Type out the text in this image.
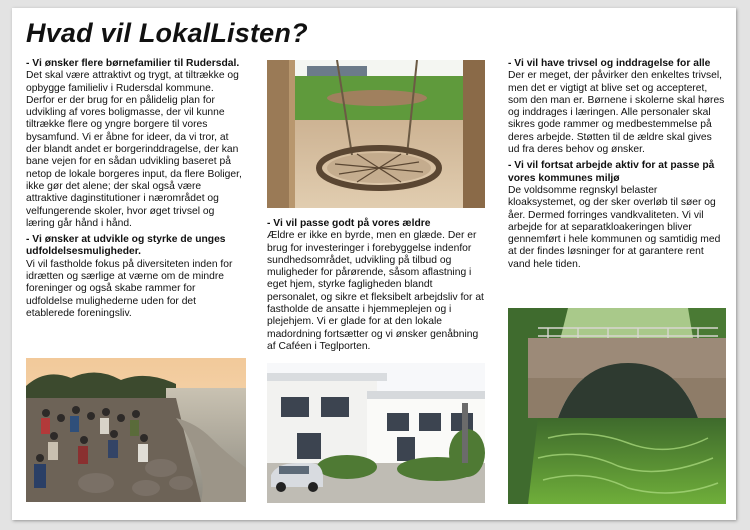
Hvad vil LokalListen?

- Vi ønsker flere børnefamilier til Rudersdal.

Det skal være attraktivt og trygt, at tiltrække og opbygge familieliv i Rudersdal kommune. Derfor er der brug for en pålidelig plan for udvikling af vores boligmasse, der vil kunne tiltrække flere og yngre borgere til vores bysamfund. Vi er åbne for ideer, da vi tror, at der blandt andet er borgerinddragelse, der kan bane vejen for en sådan udvikling baseret på netop de lokale borgeres input, da flere Boliger, ikke gør det alene; der skal også være attraktive daginstitutioner i nærområdet og velfungerende skoler, hvor øget trivsel og læring går hånd i hånd.

- Vi ønsker at udvikle og styrke de unges udfoldelsesmuligheder.

Vi vil fastholde fokus på diversiteten inden for idrætten og særlige at værne om de mindre foreninger og også skabe rammer for udfoldelse mulighederne uden for det etablerede foreningsliv.

- Vi vil passe godt på vores ældre

Ældre er ikke en byrde, men en glæde. Der er brug for investeringer i forebyggelse indenfor sundhedsområdet, udvikling på tilbud og muligheder for pårørende, såsom aflastning i eget hjem, styrke fagligheden blandt personalet, og sikre et fleksibelt arbejdsliv for at fastholde de ansatte i hjemmeplejen og i plejehjem. Vi er glade for at den lokale madordning fortsætter og vi ønsker genåbning af Caféen i Teglporten.

- Vi vil have trivsel og inddragelse for alle

Der er meget, der påvirker den enkeltes trivsel, men det er vigtigt at blive set og accepteret, som den man er. Børnene i skolerne skal høres og inddrages i læringen. Alle personaler skal sikres gode rammer og medbestemmelse på deres arbejde. Støtten til de ældre skal gives ud fra deres behov og ønsker.

- Vi vil fortsat arbejde aktiv for at passe på vores kommunes miljø

De voldsomme regnskyl belaster kloaksystemet, og der sker overløb til søer og åer. Dermed forringes vandkvaliteten. Vi vil arbejde for at separatkloakeringen bliver gennemført i hele kommunen og samtidig med at der findes løsninger for at garantere rent vand hele tiden.
